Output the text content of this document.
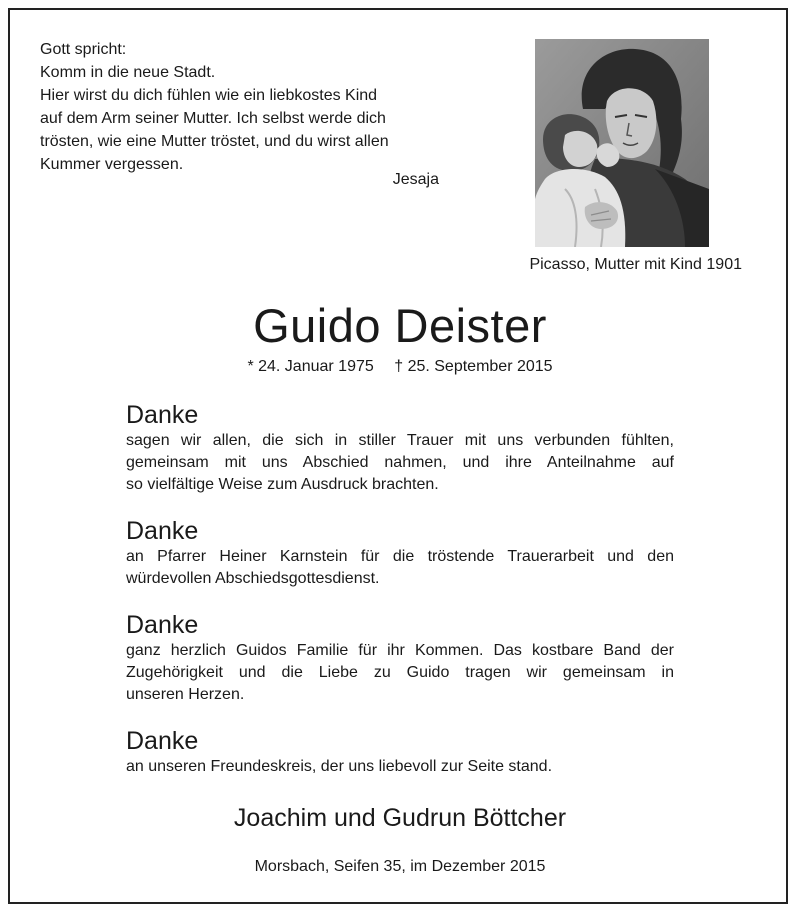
Gott spricht:
Komm in die neue Stadt.
Hier wirst du dich fühlen wie ein liebkostes Kind
auf dem Arm seiner Mutter. Ich selbst werde dich
trösten, wie eine Mutter tröstet, und du wirst allen
Kummer vergessen.
Jesaja
Picasso, Mutter mit Kind 1901
Guido Deister
* 24. Januar 1975 † 25. September 2015
Danke
sagen wir allen, die sich in stiller Trauer mit uns verbunden fühlten,
gemeinsam mit uns Abschied nahmen, und ihre Anteilnahme auf
so vielfältige Weise zum Ausdruck brachten.
Danke
an Pfarrer Heiner Karnstein für die tröstende Trauerarbeit und den
würdevollen Abschiedsgottesdienst.
Danke
ganz herzlich Guidos Familie für ihr Kommen. Das kostbare Band der
Zugehörigkeit und die Liebe zu Guido tragen wir gemeinsam in
unseren Herzen.
Danke
an unseren Freundeskreis, der uns liebevoll zur Seite stand.
Joachim und Gudrun Böttcher
Morsbach, Seifen 35, im Dezember 2015
